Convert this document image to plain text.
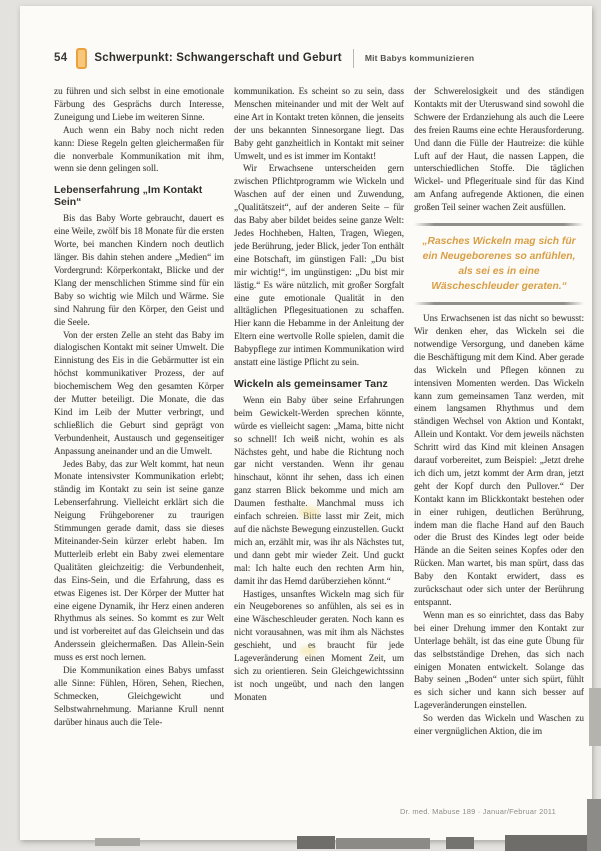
54 Schwerpunkt: Schwangerschaft und Geburt	Mit Babys kommunizieren

zu führen und sich selbst in eine emotionale Färbung des Gesprächs durch Interesse, Zuneigung und Liebe im weiteren Sinne.

Auch wenn ein Baby noch nicht reden kann: Diese Regeln gelten gleichermaßen für die nonverbale Kommunikation mit ihm, wenn sie denn gelingen soll.

Lebenserfahrung „Im Kontakt Sein“

Bis das Baby Worte gebraucht, dauert es eine Weile, zwölf bis 18 Monate für die ersten Worte, bei manchen Kindern noch deutlich länger. Bis dahin stehen andere „Medien“ im Vordergrund: Körperkontakt, Blicke und der Klang der menschlichen Stimme sind für ein Baby so wichtig wie Milch und Wärme. Sie sind Nahrung für den Körper, den Geist und die Seele.

Von der ersten Zelle an steht das Baby im dialogischen Kontakt mit seiner Umwelt. Die Einnistung des Eis in die Gebärmutter ist ein höchst kommunikativer Prozess, der auf biochemischem Weg den gesamten Körper der Mutter beteiligt. Die Monate, die das Kind im Leib der Mutter verbringt, und schließlich die Geburt sind geprägt von Verbundenheit, Austausch und gegenseitiger Anpassung aneinander und an die Umwelt.

Jedes Baby, das zur Welt kommt, hat neun Monate intensivster Kommunikation erlebt; ständig im Kontakt zu sein ist seine ganze Lebenserfahrung. Vielleicht erklärt sich die Neigung Frühgeborener zu traurigen Stimmungen gerade damit, dass sie dieses Miteinander-Sein kürzer erlebt haben. Im Mutterleib erlebt ein Baby zwei elementare Qualitäten gleichzeitig: die Verbundenheit, das Eins-Sein, und die Erfahrung, dass es etwas Eigenes ist. Der Körper der Mutter hat eine eigene Dynamik, ihr Herz einen anderen Rhythmus als seines. So kommt es zur Welt und ist vorbereitet auf das Gleichsein und das Anderssein gleichermaßen. Das Allein-Sein muss es erst noch lernen.

Die Kommunikation eines Babys umfasst alle Sinne: Fühlen, Hören, Sehen, Riechen, Schmecken, Gleichgewicht und Selbstwahrnehmung. Marianne Krull nennt darüber hinaus auch die Tele-

kommunikation. Es scheint so zu sein, dass Menschen miteinander und mit der Welt auf eine Art in Kontakt treten können, die jenseits der uns bekannten Sinnesorgane liegt. Das Baby geht ganzheitlich in Kontakt mit seiner Umwelt, und es ist immer im Kontakt!

Wir Erwachsene unterscheiden gern zwischen Pflichtprogramm wie Wickeln und Waschen auf der einen und Zuwendung, „Qualitätszeit“, auf der anderen Seite – für das Baby aber bildet beides seine ganze Welt: Jedes Hochheben, Halten, Tragen, Wiegen, jede Berührung, jeder Blick, jeder Ton enthält eine Botschaft, im günstigen Fall: „Du bist mir wichtig!“, im ungünstigen: „Du bist mir lästig.“ Es wäre nützlich, mit großer Sorgfalt eine gute emotionale Qualität in den alltäglichen Pflegesituationen zu schaffen. Hier kann die Hebamme in der Anleitung der Eltern eine wertvolle Rolle spielen, damit die Babypflege zur intimen Kommunikation wird anstatt eine lästige Pflicht zu sein.

Wickeln als gemeinsamer Tanz

Wenn ein Baby über seine Erfahrungen beim Gewickelt-Werden sprechen könnte, würde es vielleicht sagen: „Mama, bitte nicht so schnell! Ich weiß nicht, wohin es als Nächstes geht, und habe die Richtung noch gar nicht verstanden. Wenn ihr genau hinschaut, könnt ihr sehen, dass ich einen ganz starren Blick bekomme und mich am Daumen festhalte. Manchmal muss ich einfach schreien. Bitte lasst mir Zeit, mich auf die nächste Bewegung einzustellen. Guckt mich an, erzählt mir, was ihr als Nächstes tut, und dann gebt mir wieder Zeit. Und guckt mal: Ich halte euch den rechten Arm hin, damit ihr das Hemd darüberziehen könnt.“

Hastiges, unsanftes Wickeln mag sich für ein Neugeborenes so anfühlen, als sei es in eine Wäscheschleuder geraten. Noch kann es nicht vorausahnen, was mit ihm als Nächstes geschieht, und es braucht für jede Lageveränderung einen Moment Zeit, um sich zu orientieren. Sein Gleichgewichtssinn ist noch ungeübt, und nach den langen Monaten

der Schwerelosigkeit und des ständigen Kontakts mit der Uteruswand sind sowohl die Schwere der Erdanziehung als auch die Leere des freien Raums eine echte Herausforderung. Und dann die Fülle der Hautreize: die kühle Luft auf der Haut, die nassen Lappen, die unterschiedlichen Stoffe. Die täglichen Wickel- und Pflegerituale sind für das Kind am Anfang aufregende Aktionen, die einen großen Teil seiner wachen Zeit ausfüllen.

„Rasches Wickeln mag sich für ein Neugeborenes so anfühlen, als sei es in eine Wäscheschleuder geraten.“

Uns Erwachsenen ist das nicht so bewusst: Wir denken eher, das Wickeln sei die notwendige Versorgung, und daneben käme die Beschäftigung mit dem Kind. Aber gerade das Wickeln und Pflegen können zu intensiven Momenten werden. Das Wickeln kann zum gemeinsamen Tanz werden, mit einem langsamen Rhythmus und dem ständigen Wechsel von Aktion und Kontakt, Allein und Kontakt. Vor dem jeweils nächsten Schritt wird das Kind mit kleinen Ansagen darauf vorbereitet, zum Beispiel: „Jetzt drehe ich dich um, jetzt kommt der Arm dran, jetzt geht der Kopf durch den Pullover.“ Der Kontakt kann im Blickkontakt bestehen oder in einer ruhigen, deutlichen Berührung, indem man die flache Hand auf den Bauch oder die Brust des Kindes legt oder beide Hände an die Seiten seines Kopfes oder den Rücken. Man wartet, bis man spürt, dass das Baby den Kontakt erwidert, dass es zurückschaut oder sich unter der Berührung entspannt.

Wenn man es so einrichtet, dass das Baby bei einer Drehung immer den Kontakt zur Unterlage behält, ist das eine gute Übung für das selbstständige Drehen, das sich nach einigen Monaten entwickelt. Solange das Baby seinen „Boden“ unter sich spürt, fühlt es sich sicher und kann sich besser auf Lageveränderungen einstellen.

So werden das Wickeln und Waschen zu einer vergnüglichen Aktion, die im

Dr. med. Mabuse 189 · Januar/Februar 2011
